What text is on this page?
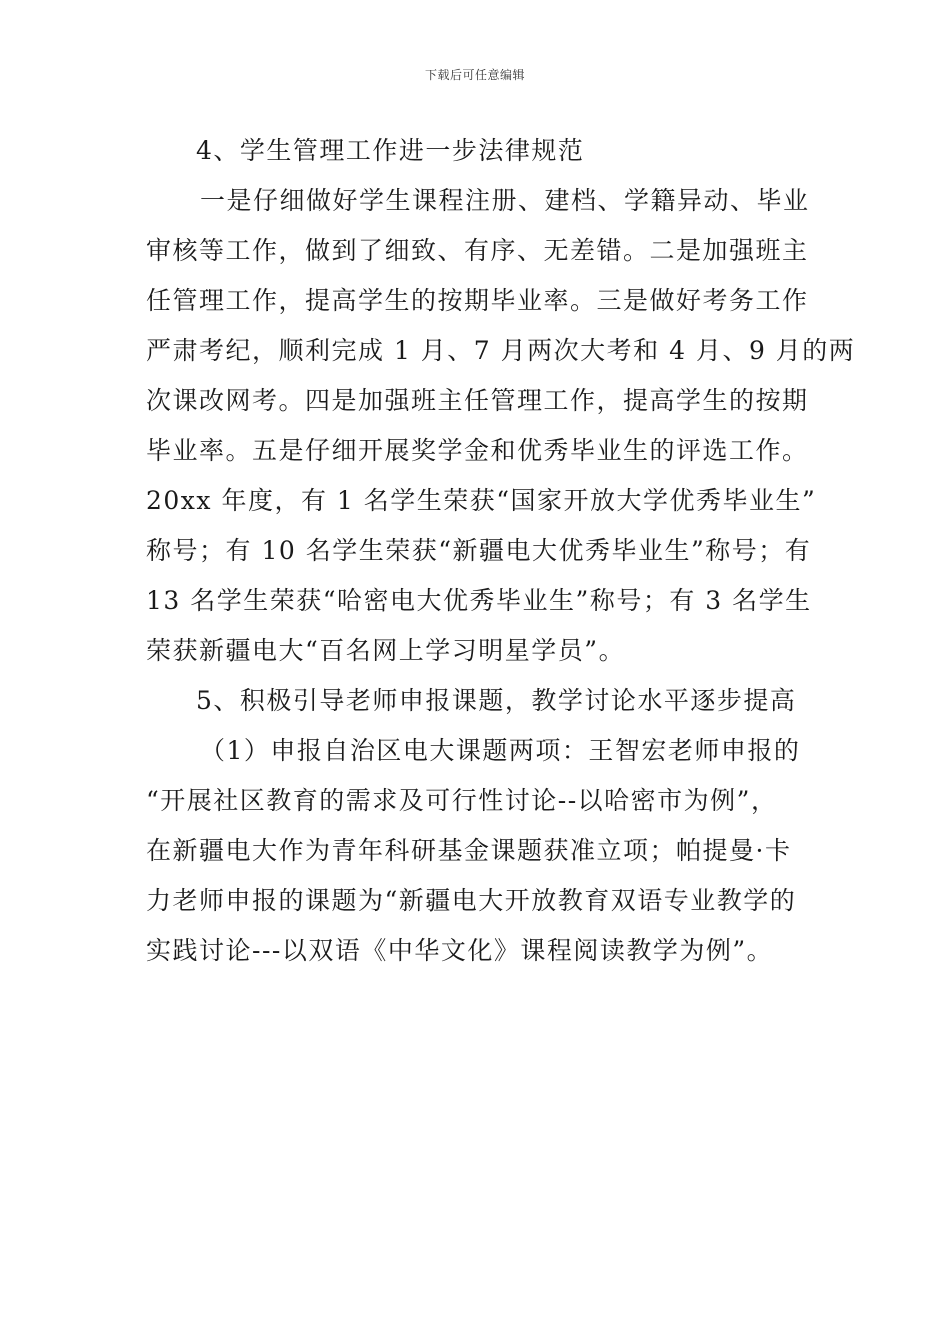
下载后可任意编辑
4、学生管理工作进一步法律规范
一是仔细做好学生课程注册、建档、学籍异动、毕业
审核等工作，做到了细致、有序、无差错。二是加强班主
任管理工作，提高学生的按期毕业率。三是做好考务工作
严肃考纪，顺利完成 1 月、7 月两次大考和 4 月、9 月的两
次课改网考。四是加强班主任管理工作，提高学生的按期
毕业率。五是仔细开展奖学金和优秀毕业生的评选工作。
20xx 年度，有 1 名学生荣获“国家开放大学优秀毕业生”
称号；有 10 名学生荣获“新疆电大优秀毕业生”称号；有
13 名学生荣获“哈密电大优秀毕业生”称号；有 3 名学生
荣获新疆电大“百名网上学习明星学员”。
5、积极引导老师申报课题，教学讨论水平逐步提高
（1）申报自治区电大课题两项：王智宏老师申报的
“开展社区教育的需求及可行性讨论--以哈密市为例”，
在新疆电大作为青年科研基金课题获准立项；帕提曼·卡
力老师申报的课题为“新疆电大开放教育双语专业教学的
实践讨论---以双语《中华文化》课程阅读教学为例”。
